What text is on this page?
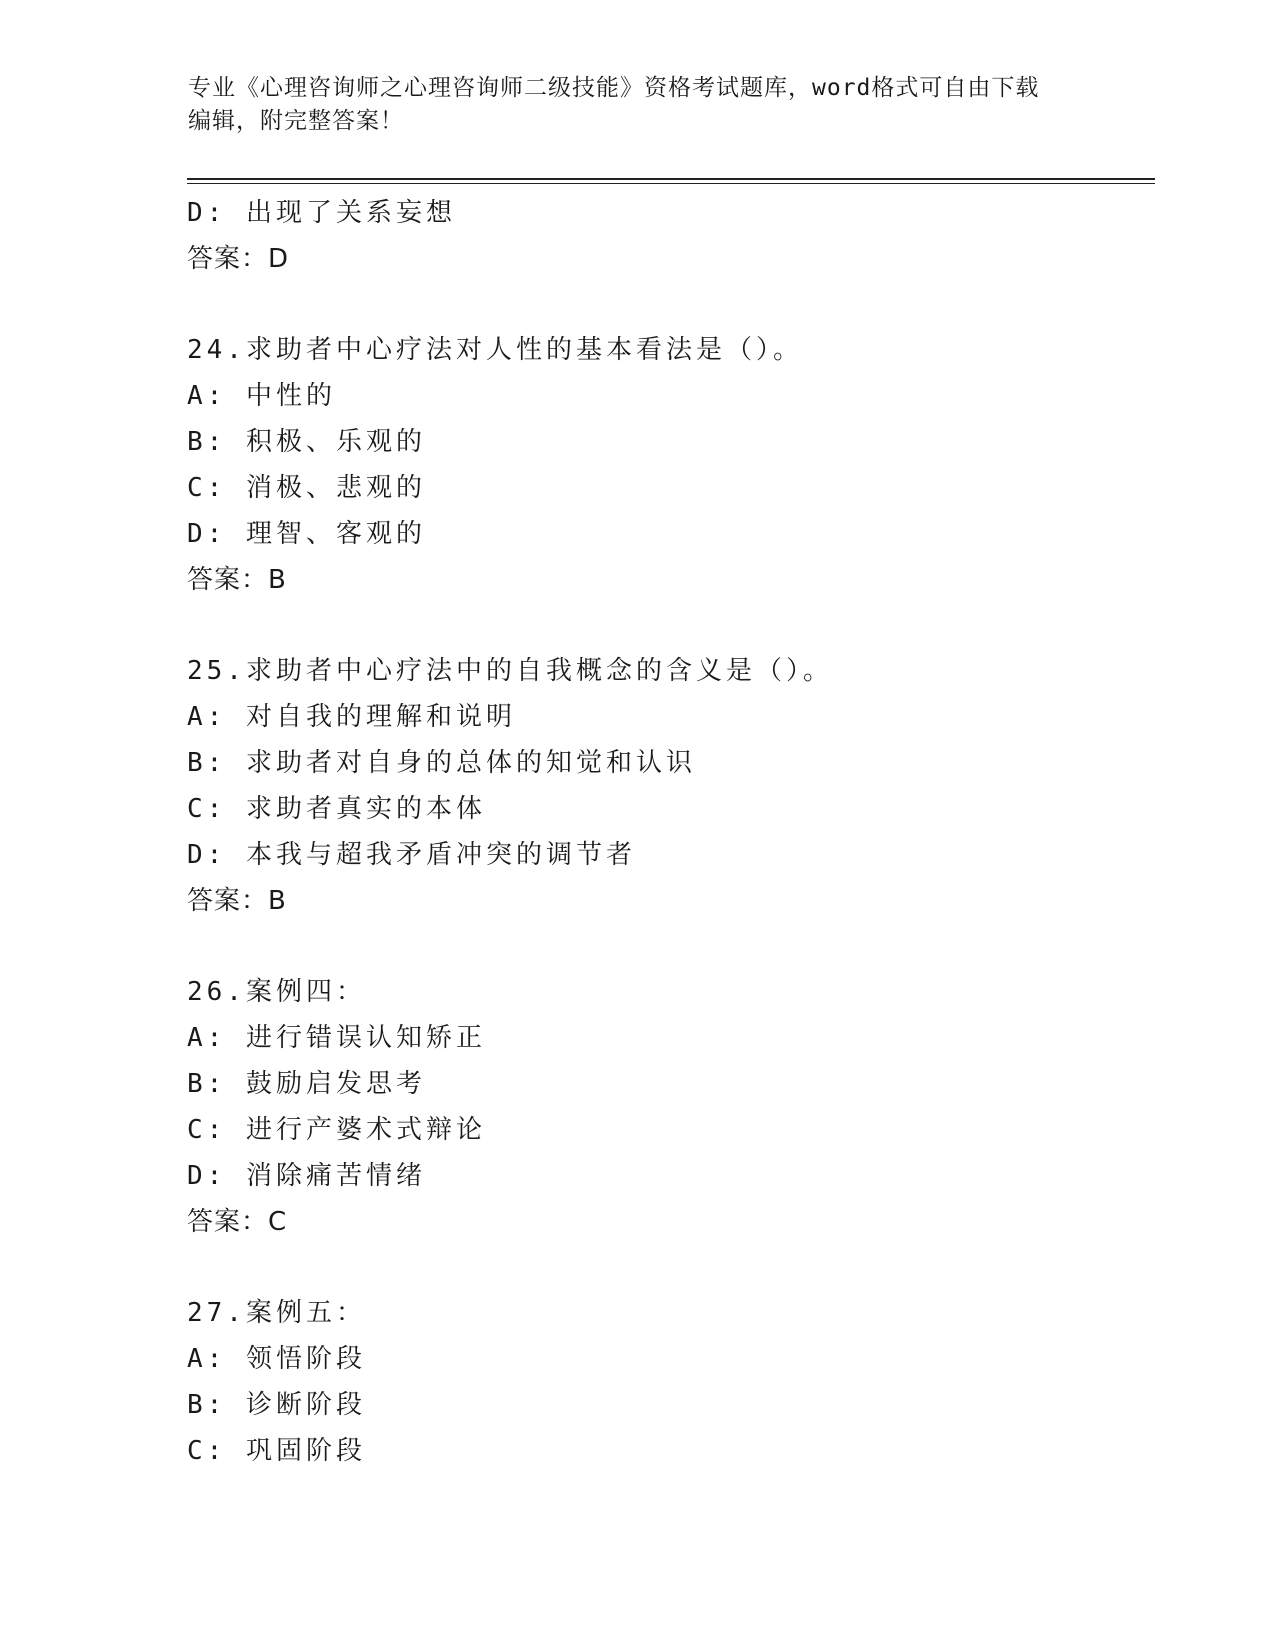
专业《心理咨询师之心理咨询师二级技能》资格考试题库，word格式可自由下载
编辑，附完整答案！
D: 出现了关系妄想
答案：D
24.求助者中心疗法对人性的基本看法是（）。
A: 中性的
B: 积极、乐观的
C: 消极、悲观的
D: 理智、客观的
答案：B
25.求助者中心疗法中的自我概念的含义是（）。
A: 对自我的理解和说明
B: 求助者对自身的总体的知觉和认识
C: 求助者真实的本体
D: 本我与超我矛盾冲突的调节者
答案：B
26.案例四：
A: 进行错误认知矫正
B: 鼓励启发思考
C: 进行产婆术式辩论
D: 消除痛苦情绪
答案：C
27.案例五：
A: 领悟阶段
B: 诊断阶段
C: 巩固阶段
